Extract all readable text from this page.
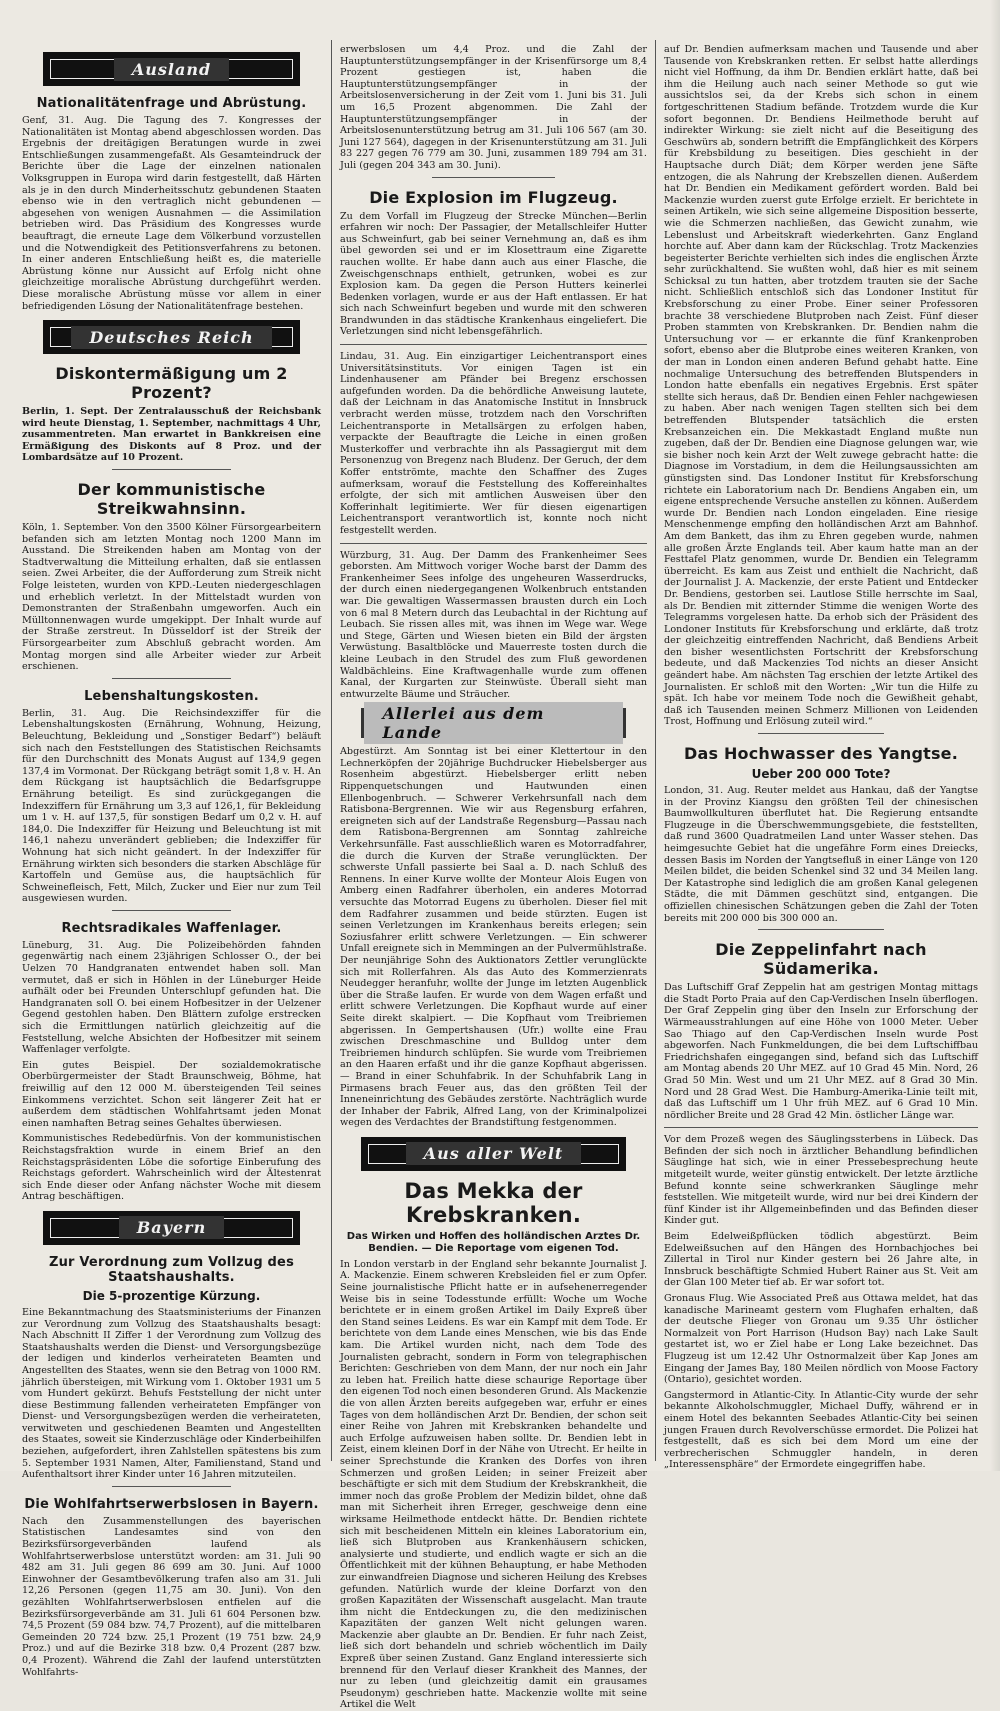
Ausland
Nationalitätenfrage und Abrüstung.

Genf, 31. Aug. Die Tagung des 7. Kongresses der Nationalitäten ist Montag abend abgeschlossen worden. Das Ergebnis der dreitägigen Beratungen wurde in zwei Entschließungen zusammengefaßt. Als Gesamteindruck der Berichte über die Lage der einzelnen nationalen Volksgruppen in Europa wird darin festgestellt, daß Härten als je in den durch Minderheitsschutz gebundenen Staaten ebenso wie in den vertraglich nicht gebundenen — abgesehen von wenigen Ausnahmen — die Assimilation betrieben wird. Das Präsidium des Kongresses wurde beauftragt, die erneute Lage dem Völkerbund vorzustellen und die Notwendigkeit des Petitionsverfahrens zu betonen. In einer anderen Entschließung heißt es, die materielle Abrüstung könne nur Aussicht auf Erfolg nicht ohne gleichzeitige moralische Abrüstung durchgeführt werden. Diese moralische Abrüstung müsse vor allem in einer befriedigenden Lösung der Nationalitätenfrage bestehen.

Deutsches Reich
Diskontermäßigung um 2 Prozent?

Berlin, 1. Sept. Der Zentralausschuß der Reichsbank wird heute Dienstag, 1. September, nachmittags 4 Uhr, zusammentreten. Man erwartet in Bankkreisen eine Ermäßigung des Diskonts auf 8 Proz. und der Lombardsätze auf 10 Prozent.

Der kommunistische Streikwahnsinn.

Köln, 1. September. Von den 3500 Kölner Fürsorgearbeitern befanden sich am letzten Montag noch 1200 Mann im Ausstand. Die Streikenden haben am Montag von der Stadtverwaltung die Mitteilung erhalten, daß sie entlassen seien. Zwei Arbeiter, die der Aufforderung zum Streik nicht Folge leisteten, wurden von KPD.-Leuten niedergeschlagen und erheblich verletzt. In der Mittelstadt wurden von Demonstranten der Straßenbahn umgeworfen. Auch ein Mülltonnenwagen wurde umgekippt. Der Inhalt wurde auf der Straße zerstreut. In Düsseldorf ist der Streik der Fürsorgearbeiter zum Abschluß gebracht worden. Am Montag morgen sind alle Arbeiter wieder zur Arbeit erschienen.

Lebenshaltungskosten.

Berlin, 31. Aug. Die Reichsindexziffer für die Lebenshaltungskosten (Ernährung, Wohnung, Heizung, Beleuchtung, Bekleidung und „Sonstiger Bedarf“) beläuft sich nach den Feststellungen des Statistischen Reichsamts für den Durchschnitt des Monats August auf 134,9 gegen 137,4 im Vormonat. Der Rückgang beträgt somit 1,8 v. H. An dem Rückgang ist hauptsächlich die Bedarfsgruppe Ernährung beteiligt. Es sind zurückgegangen die Indexziffern für Ernährung um 3,3 auf 126,1, für Bekleidung um 1 v. H. auf 137,5, für sonstigen Bedarf um 0,2 v. H. auf 184,0. Die Indexziffer für Heizung und Beleuchtung ist mit 146,1 nahezu unverändert geblieben; die Indexziffer für Wohnung hat sich nicht geändert. In der Indexziffer für Ernährung wirkten sich besonders die starken Abschläge für Kartoffeln und Gemüse aus, die hauptsächlich für Schweinefleisch, Fett, Milch, Zucker und Eier nur zum Teil ausgewiesen wurden.

Rechtsradikales Waffenlager.

Lüneburg, 31. Aug. Die Polizeibehörden fahnden gegenwärtig nach einem 23jährigen Schlosser O., der bei Uelzen 70 Handgranaten entwendet haben soll. Man vermutet, daß er sich in Höhlen in der Lüneburger Heide aufhält oder bei Freunden Unterschlupf gefunden hat. Die Handgranaten soll O. bei einem Hofbesitzer in der Uelzener Gegend gestohlen haben. Den Blättern zufolge erstrecken sich die Ermittlungen natürlich gleichzeitig auf die Feststellung, welche Absichten der Hofbesitzer mit seinem Waffenlager verfolgte.

Ein gutes Beispiel. Der sozialdemokratische Oberbürgermeister der Stadt Braunschweig, Böhme, hat freiwillig auf den 12 000 M. übersteigenden Teil seines Einkommens verzichtet. Schon seit längerer Zeit hat er außerdem dem städtischen Wohlfahrtsamt jeden Monat einen namhaften Betrag seines Gehaltes überwiesen.

Kommunistisches Redebedürfnis. Von der kommunistischen Reichstagsfraktion wurde in einem Brief an den Reichstagspräsidenten Löbe die sofortige Einberufung des Reichstags gefordert. Wahrscheinlich wird der Ältestenrat sich Ende dieser oder Anfang nächster Woche mit diesem Antrag beschäftigen.

Bayern
Zur Verordnung zum Vollzug des Staatshaushalts.
Die 5-prozentige Kürzung.

Eine Bekanntmachung des Staatsministeriums der Finanzen zur Verordnung zum Vollzug des Staatshaushalts besagt: Nach Abschnitt II Ziffer 1 der Verordnung zum Vollzug des Staatshaushalts werden die Dienst- und Versorgungsbezüge der ledigen und kinderlos verheirateten Beamten und Angestellten des Staates, wenn sie den Betrag von 1000 RM. jährlich übersteigen, mit Wirkung vom 1. Oktober 1931 um 5 vom Hundert gekürzt. Behufs Feststellung der nicht unter diese Bestimmung fallenden verheirateten Empfänger von Dienst- und Versorgungsbezügen werden die verheirateten, verwitweten und geschiedenen Beamten und Angestellten des Staates, soweit sie Kinderzuschläge oder Kinderbeihilfen beziehen, aufgefordert, ihren Zahlstellen spätestens bis zum 5. September 1931 Namen, Alter, Familienstand, Stand und Aufenthaltsort ihrer Kinder unter 16 Jahren mitzuteilen.

Die Wohlfahrtserwerbslosen in Bayern.

Nach den Zusammenstellungen des bayerischen Statistischen Landesamtes sind von den Bezirksfürsorgeverbänden laufend als Wohlfahrtserwerbslose unterstützt worden: am 31. Juli 90 482 am 31. Juli gegen 86 699 am 30. Juni. Auf 1000 Einwohner der Gesamtbevölkerung trafen also am 31. Juli 12,26 Personen (gegen 11,75 am 30. Juni). Von den gezählten Wohlfahrtserwerbslosen entfielen auf die Bezirksfürsorgeverbände am 31. Juli 61 604 Personen bzw. 74,5 Prozent (59 084 bzw. 74,7 Prozent), auf die mittelbaren Gemeinden 20 724 bzw. 25,1 Prozent (19 751 bzw. 24,9 Proz.) und auf die Bezirke 318 bzw. 0,4 Prozent (287 bzw. 0,4 Prozent). Während die Zahl der laufend unterstützten Wohlfahrts-

erwerbslosen um 4,4 Proz. und die Zahl der Hauptunterstützungsempfänger in der Krisenfürsorge um 8,4 Prozent gestiegen ist, haben die Hauptunterstützungsempfänger in der Arbeitslosenversicherung in der Zeit vom 1. Juni bis 31. Juli um 16,5 Prozent abgenommen. Die Zahl der Hauptunterstützungsempfänger in der Arbeitslosenunterstützung betrug am 31. Juli 106 567 (am 30. Juni 127 564), dagegen in der Krisenunterstützung am 31. Juli 83 227 gegen 76 779 am 30. Juni, zusammen 189 794 am 31. Juli (gegen 204 343 am 30. Juni).

Die Explosion im Flugzeug.

Zu dem Vorfall im Flugzeug der Strecke München—Berlin erfahren wir noch: Der Passagier, der Metallschleifer Hutter aus Schweinfurt, gab bei seiner Vernehmung an, daß es ihm übel geworden sei und er im Klosettraum eine Zigarette rauchen wollte. Er habe dann auch aus einer Flasche, die Zweischgenschnaps enthielt, getrunken, wobei es zur Explosion kam. Da gegen die Person Hutters keinerlei Bedenken vorlagen, wurde er aus der Haft entlassen. Er hat sich nach Schweinfurt begeben und wurde mit den schweren Brandwunden in das städtische Krankenhaus eingeliefert. Die Verletzungen sind nicht lebensgefährlich.

Lindau, 31. Aug. Ein einzigartiger Leichentransport eines Universitätsinstituts. Vor einigen Tagen ist ein Lindenhausener am Pfänder bei Bregenz erschossen aufgefunden worden. Da die behördliche Anweisung lautete, daß der Leichnam in das Anatomische Institut in Innsbruck verbracht werden müsse, trotzdem nach den Vorschriften Leichentransporte in Metallsärgen zu erfolgen haben, verpackte der Beauftragte die Leiche in einen großen Musterkoffer und verbrachte ihn als Passagiergut mit dem Personenzug von Bregenz nach Bludenz. Der Geruch, der dem Koffer entströmte, machte den Schaffner des Zuges aufmerksam, worauf die Feststellung des Koffereinhaltes erfolgte, der sich mit amtlichen Ausweisen über den Kofferinhalt legitimierte. Wer für diesen eigenartigen Leichentransport verantwortlich ist, konnte noch nicht festgestellt werden.

Würzburg, 31. Aug. Der Damm des Frankenheimer Sees geborsten. Am Mittwoch voriger Woche barst der Damm des Frankenheimer Sees infolge des ungeheuren Wasserdrucks, der durch einen niedergegangenen Wolkenbruch entstanden war. Die gewaltigen Wassermassen brausten durch ein Loch von 6 mal 8 Metern durch das Leubachtal in der Richtung auf Leubach. Sie rissen alles mit, was ihnen im Wege war. Wege und Stege, Gärten und Wiesen bieten ein Bild der ärgsten Verwüstung. Basaltblöcke und Mauerreste tosten durch die kleine Leubach in den Strudel des zum Fluß gewordenen Waldbächleins. Eine Kraftwagenhalle wurde zum offenen Kanal, der Kurgarten zur Steinwüste. Überall sieht man entwurzelte Bäume und Sträucher.

Allerlei aus dem Lande

Abgestürzt. Am Sonntag ist bei einer Klettertour in den Lechnerköpfen der 20jährige Buchdrucker Hiebelsberger aus Rosenheim abgestürzt. Hiebelsberger erlitt neben Rippenquetschungen und Hautwunden einen Ellenbogenbruch. — Schwerer Verkehrsunfall nach dem Ratisbona-Bergrennen. Wie wir aus Regensburg erfahren, ereigneten sich auf der Landstraße Regensburg—Passau nach dem Ratisbona-Bergrennen am Sonntag zahlreiche Verkehrsunfälle. Fast ausschließlich waren es Motorradfahrer, die durch die Kurven der Straße verunglückten. Der schwerste Unfall passierte bei Saal a. D. nach Schluß des Rennens. In einer Kurve wollte der Monteur Alois Eugen von Amberg einen Radfahrer überholen, ein anderes Motorrad versuchte das Motorrad Eugens zu überholen. Dieser fiel mit dem Radfahrer zusammen und beide stürzten. Eugen ist seinen Verletzungen im Krankenhaus bereits erlegen; sein Soziusfahrer erlitt schwere Verletzungen. — Ein schwerer Unfall ereignete sich in Memmingen an der Pulvermühlstraße. Der neunjährige Sohn des Auktionators Zettler verunglückte sich mit Rollerfahren. Als das Auto des Kommerzienrats Neudegger heranfuhr, wollte der Junge im letzten Augenblick über die Straße laufen. Er wurde von dem Wagen erfaßt und erlitt schwere Verletzungen. Die Kopfhaut wurde auf einer Seite direkt skalpiert. — Die Kopfhaut vom Treibriemen abgerissen. In Gempertshausen (Ufr.) wollte eine Frau zwischen Dreschmaschine und Bulldog unter dem Treibriemen hindurch schlüpfen. Sie wurde vom Treibriemen an den Haaren erfaßt und ihr die ganze Kopfhaut abgerissen. — Brand in einer Schuhfabrik. In der Schuhfabrik Lang in Pirmasens brach Feuer aus, das den größten Teil der Inneneinrichtung des Gebäudes zerstörte. Nachträglich wurde der Inhaber der Fabrik, Alfred Lang, von der Kriminalpolizei wegen des Verdachtes der Brandstiftung festgenommen.

Aus aller Welt
Das Mekka der Krebskranken.
Das Wirken und Hoffen des holländischen Arztes Dr. Bendien. — Die Reportage vom eigenen Tod.

In London verstarb in der England sehr bekannte Journalist J. A. Mackenzie. Einem schweren Krebsleiden fiel er zum Opfer. Seine journalistische Pflicht hatte er in aufsehenerregender Weise bis in seine Todesstunde erfüllt: Woche um Woche berichtete er in einem großen Artikel im Daily Expreß über den Stand seines Leidens. Es war ein Kampf mit dem Tode. Er berichtete von dem Lande eines Menschen, wie bis das Ende kam. Die Artikel wurden nicht, nach dem Tode des Journalisten gebracht, sondern in Form von telegraphischen Berichten: Geschrieben von dem Mann, der nur noch ein Jahr zu leben hat. Freilich hatte diese schaurige Reportage über den eigenen Tod noch einen besonderen Grund. Als Mackenzie die von allen Ärzten bereits aufgegeben war, erfuhr er eines Tages von dem holländischen Arzt Dr. Bendien, der schon seit einer Reihe von Jahren mit Krebskranken behandelte und auch Erfolge aufzuweisen haben sollte. Dr. Bendien lebt in Zeist, einem kleinen Dorf in der Nähe von Utrecht. Er heilte in seiner Sprechstunde die Kranken des Dorfes von ihren Schmerzen und großen Leiden; in seiner Freizeit aber beschäftigte er sich mit dem Studium der Krebskrankheit, die immer noch das große Problem der Medizin bildet, ohne daß man mit Sicherheit ihren Erreger, geschweige denn eine wirksame Heilmethode entdeckt hätte. Dr. Bendien richtete sich mit bescheidenen Mitteln ein kleines Laboratorium ein, ließ sich Blutproben aus Krankenhäusern schicken, analysierte und studierte, und endlich wagte er sich an die Öffentlichkeit mit der kühnen Behauptung, er habe Methoden zur einwandfreien Diagnose und sicheren Heilung des Krebses gefunden. Natürlich wurde der kleine Dorfarzt von den großen Kapazitäten der Wissenschaft ausgelacht. Man traute ihm nicht die Entdeckungen zu, die den medizinischen Kapazitäten der ganzen Welt nicht gelungen waren. Mackenzie aber glaubte an Dr. Bendien. Er fuhr nach Zeist, ließ sich dort behandeln und schrieb wöchentlich im Daily Expreß über seinen Zustand. Ganz England interessierte sich brennend für den Verlauf dieser Krankheit des Mannes, der nur zu leben (und gleichzeitig damit ein grausames Pseudonym) geschrieben hatte. Mackenzie wollte mit seine Artikel die Welt

auf Dr. Bendien aufmerksam machen und Tausende und aber Tausende von Krebskranken retten. Er selbst hatte allerdings nicht viel Hoffnung, da ihm Dr. Bendien erklärt hatte, daß bei ihm die Heilung auch nach seiner Methode so gut wie aussichtslos sei, da der Krebs sich schon in einem fortgeschrittenen Stadium befände. Trotzdem wurde die Kur sofort begonnen. Dr. Bendiens Heilmethode beruht auf indirekter Wirkung: sie zielt nicht auf die Beseitigung des Geschwürs ab, sondern betrifft die Empfänglichkeit des Körpers für Krebsbildung zu beseitigen. Dies geschieht in der Hauptsache durch Diät; dem Körper werden jene Säfte entzogen, die als Nahrung der Krebszellen dienen. Außerdem hat Dr. Bendien ein Medikament gefördert worden. Bald bei Mackenzie wurden zuerst gute Erfolge erzielt. Er berichtete in seinen Artikeln, wie sich seine allgemeine Disposition besserte, wie die Schmerzen nachließen, das Gewicht zunahm, wie Lebenslust und Arbeitskraft wiederkehrten. Ganz England horchte auf. Aber dann kam der Rückschlag. Trotz Mackenzies begeisterter Berichte verhielten sich indes die englischen Ärzte sehr zurückhaltend. Sie wußten wohl, daß hier es mit seinem Schicksal zu tun hatten, aber trotzdem trauten sie der Sache nicht. Schließlich entschloß sich das Londoner Institut für Krebsforschung zu einer Probe. Einer seiner Professoren brachte 38 verschiedene Blutproben nach Zeist. Fünf dieser Proben stammten von Krebskranken. Dr. Bendien nahm die Untersuchung vor — er erkannte die fünf Krankenproben sofort, ebenso aber die Blutprobe eines weiteren Kranken, von der man in London einen anderen Befund gehabt hatte. Eine nochmalige Untersuchung des betreffenden Blutspenders in London hatte ebenfalls ein negatives Ergebnis. Erst später stellte sich heraus, daß Dr. Bendien einen Fehler nachgewiesen zu haben. Aber nach wenigen Tagen stellten sich bei dem betreffenden Blutspender tatsächlich die ersten Krebsanzeichen ein. Die Mekkastadt England mußte nun zugeben, daß der Dr. Bendien eine Diagnose gelungen war, wie sie bisher noch kein Arzt der Welt zuwege gebracht hatte: die Diagnose im Vorstadium, in dem die Heilungsaussichten am günstigsten sind. Das Londoner Institut für Krebsforschung richtete ein Laboratorium nach Dr. Bendiens Angaben ein, um eigene entsprechende Versuche anstellen zu können. Außerdem wurde Dr. Bendien nach London eingeladen. Eine riesige Menschenmenge empfing den holländischen Arzt am Bahnhof. Am dem Bankett, das ihm zu Ehren gegeben wurde, nahmen alle großen Ärzte Englands teil. Aber kaum hatte man an der Festtafel Platz genommen, wurde Dr. Bendien ein Telegramm überreicht. Es kam aus Zeist und enthielt die Nachricht, daß der Journalist J. A. Mackenzie, der erste Patient und Entdecker Dr. Bendiens, gestorben sei. Lautlose Stille herrschte im Saal, als Dr. Bendien mit zitternder Stimme die wenigen Worte des Telegramms vorgelesen hatte. Da erhob sich der Präsident des Londoner Instituts für Krebsforschung und erklärte, daß trotz der gleichzeitig eintreffenden Nachricht, daß Bendiens Arbeit den bisher wesentlichsten Fortschritt der Krebsforschung bedeute, und daß Mackenzies Tod nichts an dieser Ansicht geändert habe. Am nächsten Tag erschien der letzte Artikel des Journalisten. Er schloß mit den Worten: „Wir tun die Hilfe zu spät. Ich habe vor meinem Tode noch die Gewißheit gehabt, daß ich Tausenden meinen Schmerz Millionen von Leidenden Trost, Hoffnung und Erlösung zuteil wird.“

Das Hochwasser des Yangtse.
Ueber 200 000 Tote?

London, 31. Aug. Reuter meldet aus Hankau, daß der Yangtse in der Provinz Kiangsu den größten Teil der chinesischen Baumwollkulturen überflutet hat. Die Regierung entsandte Flugzeuge in die Überschwemmungsgebiete, die feststellten, daß rund 3600 Quadratmeilen Land unter Wasser stehen. Das heimgesuchte Gebiet hat die ungefähre Form eines Dreiecks, dessen Basis im Norden der Yangtsefluß in einer Länge von 120 Meilen bildet, die beiden Schenkel sind 32 und 34 Meilen lang. Der Katastrophe sind lediglich die am großen Kanal gelegenen Städte, die mit Dämmen geschützt sind, entgangen. Die offiziellen chinesischen Schätzungen geben die Zahl der Toten bereits mit 200 000 bis 300 000 an.

Die Zeppelinfahrt nach Südamerika.

Das Luftschiff Graf Zeppelin hat am gestrigen Montag mittags die Stadt Porto Praia auf den Cap-Verdischen Inseln überflogen. Der Graf Zeppelin ging über den Inseln zur Erforschung der Wärmeausstrahlungen auf eine Höhe von 1000 Meter. Ueber Sao Thiago auf den Cap-Verdischen Inseln wurde Post abgeworfen. Nach Funkmeldungen, die bei dem Luftschiffbau Friedrichshafen eingegangen sind, befand sich das Luftschiff am Montag abends 20 Uhr MEZ. auf 10 Grad 45 Min. Nord, 26 Grad 50 Min. West und um 21 Uhr MEZ. auf 8 Grad 30 Min. Nord und 28 Grad West. Die Hamburg-Amerika-Linie teilt mit, daß das Luftschiff um 1 Uhr früh MEZ. auf 6 Grad 10 Min. nördlicher Breite und 28 Grad 42 Min. östlicher Länge war.

Vor dem Prozeß wegen des Säuglingssterbens in Lübeck. Das Befinden der sich noch in ärztlicher Behandlung befindlichen Säuglinge hat sich, wie in einer Pressebesprechung heute mitgeteilt wurde, weiter günstig entwickelt. Der letzte ärztliche Befund konnte seine schwerkranken Säuglinge mehr feststellen. Wie mitgeteilt wurde, wird nur bei drei Kindern der fünf Kinder ist ihr Allgemeinbefinden und das Befinden dieser Kinder gut.

Beim Edelweißpflücken tödlich abgestürzt. Beim Edelweißsuchen auf den Hängen des Hornbachjoches bei Zillertal in Tirol nur Kinder gestern bei 26 Jahre alte, in Innsbruck beschäftigte Schmied Hubert Rainer aus St. Veit am der Glan 100 Meter tief ab. Er war sofort tot.

Gronaus Flug. Wie Associated Preß aus Ottawa meldet, hat das kanadische Marineamt gestern vom Flughafen erhalten, daß der deutsche Flieger von Gronau um 9.35 Uhr östlicher Normalzeit von Port Harrison (Hudson Bay) nach Lake Sault gestartet ist, wo er Ziel habe er Long Lake bezeichnet. Das Flugzeug ist um 12.42 Uhr Ostnormalzeit über Kap Jones am Eingang der James Bay, 180 Meilen nördlich von Moose Factory (Ontario), gesichtet worden.

Gangstermord in Atlantic-City. In Atlantic-City wurde der sehr bekannte Alkoholschmuggler, Michael Duffy, während er in einem Hotel des bekannten Seebades Atlantic-City bei seinen jungen Frauen durch Revolverschüsse ermordet. Die Polizei hat festgestellt, daß es sich bei dem Mord um eine der verbrecherischen Schmuggler handeln, in deren „Interessensphäre“ der Ermordete eingegriffen habe.
